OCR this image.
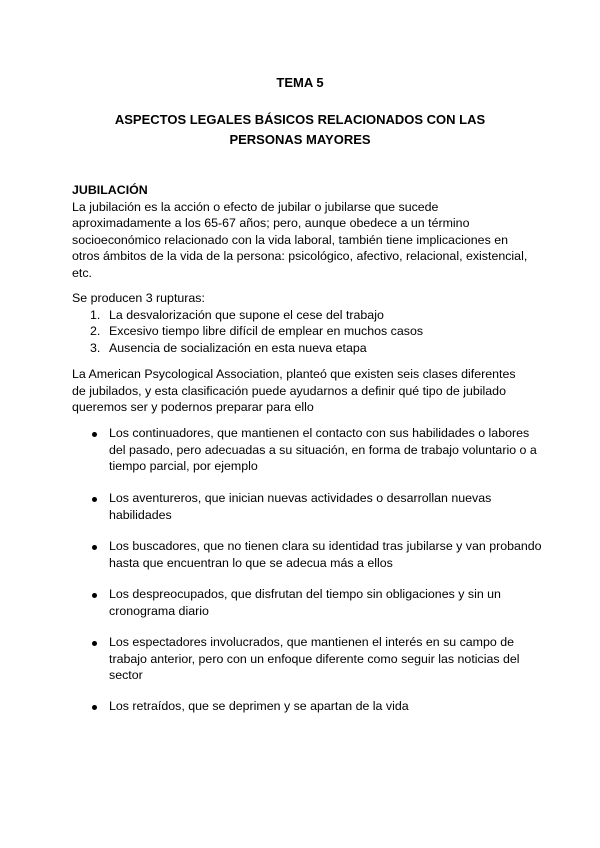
TEMA 5
ASPECTOS LEGALES BÁSICOS RELACIONADOS CON LAS
PERSONAS MAYORES

JUBILACIÓN

La jubilación es la acción o efecto de jubilar o jubilarse que sucede aproximadamente a los 65-67 años; pero, aunque obedece a un término socioeconómico relacionado con la vida laboral, también tiene implicaciones en otros ámbitos de la vida de la persona: psicológico, afectivo, relacional, existencial, etc.

Se producen 3 rupturas:

1. La desvalorización que supone el cese del trabajo
2. Excesivo tiempo libre difícil de emplear en muchos casos
3. Ausencia de socialización en esta nueva etapa

La American Psycological Association, planteó que existen seis clases diferentes de jubilados, y esta clasificación puede ayudarnos a definir qué tipo de jubilado queremos ser y podernos preparar para ello

Los continuadores, que mantienen el contacto con sus habilidades o labores del pasado, pero adecuadas a su situación, en forma de trabajo voluntario o a tiempo parcial, por ejemplo
Los aventureros, que inician nuevas actividades o desarrollan nuevas habilidades
Los buscadores, que no tienen clara su identidad tras jubilarse y van probando hasta que encuentran lo que se adecua más a ellos
Los despreocupados, que disfrutan del tiempo sin obligaciones y sin un cronograma diario
Los espectadores involucrados, que mantienen el interés en su campo de trabajo anterior, pero con un enfoque diferente como seguir las noticias del sector
Los retraídos, que se deprimen y se apartan de la vida
